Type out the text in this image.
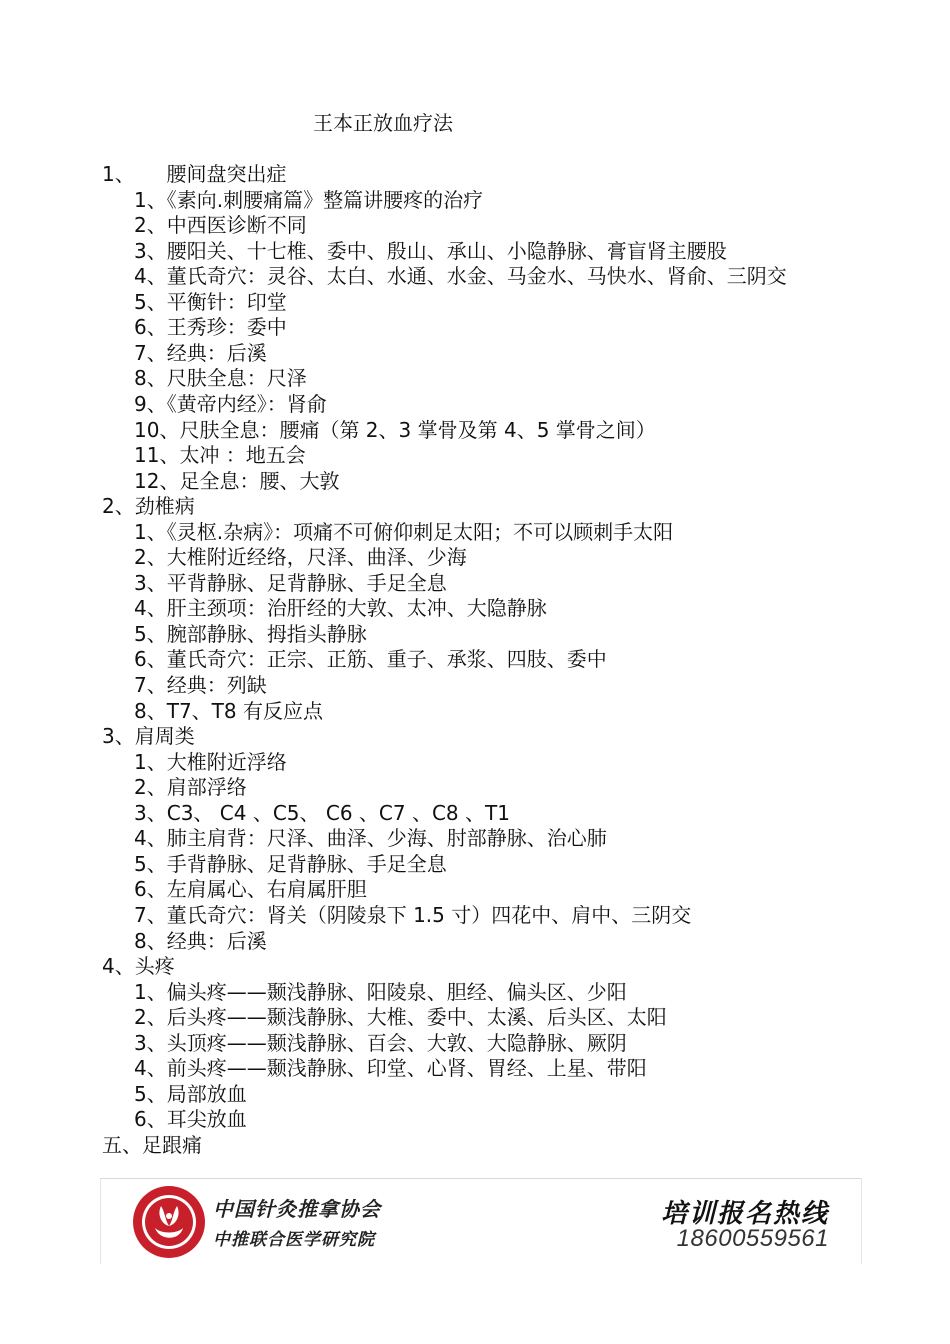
王本正放血疗法
1、     腰间盘突出症
1、《素向.刺腰痛篇》整篇讲腰疼的治疗
2、中西医诊断不同
3、腰阳关、十七椎、委中、殷山、承山、小隐静脉、膏盲肾主腰股
4、董氏奇穴：灵谷、太白、水通、水金、马金水、马快水、肾俞、三阴交
5、平衡针：印堂
6、王秀珍：委中
7、经典：后溪
8、尺肤全息：尺泽
9、《黄帝内经》：肾俞
10、尺肤全息：腰痛（第 2、3 掌骨及第 4、5 掌骨之间）
11、太冲 ：地五会
12、足全息：腰、大敦
2、劲椎病
1、《灵枢.杂病》：项痛不可俯仰刺足太阳；不可以顾刺手太阳
2、大椎附近经络，尺泽、曲泽、少海
3、平背静脉、足背静脉、手足全息
4、肝主颈项：治肝经的大敦、太冲、大隐静脉
5、腕部静脉、拇指头静脉
6、董氏奇穴：正宗、正筋、重子、承浆、四肢、委中
7、经典：列缺
8、T7、T8 有反应点
3、肩周类
1、大椎附近浮络
2、肩部浮络
3、C3、 C4 、C5、 C6 、C7 、C8 、T1
4、肺主肩背：尺泽、曲泽、少海、肘部静脉、治心肺
5、手背静脉、足背静脉、手足全息
6、左肩属心、右肩属肝胆
7、董氏奇穴：肾关（阴陵泉下 1.5 寸）四花中、肩中、三阴交
8、经典：后溪
4、头疼
1、偏头疼——颞浅静脉、阳陵泉、胆经、偏头区、少阳
2、后头疼——颞浅静脉、大椎、委中、太溪、后头区、太阳
3、头顶疼——颞浅静脉、百会、大敦、大隐静脉、厥阴
4、前头疼——颞浅静脉、印堂、心肾、胃经、上星、带阳
5、局部放血
6、耳尖放血
五、足跟痛
中国针灸推拿协会
中推联合医学研究院
培训报名热线
18600559561
